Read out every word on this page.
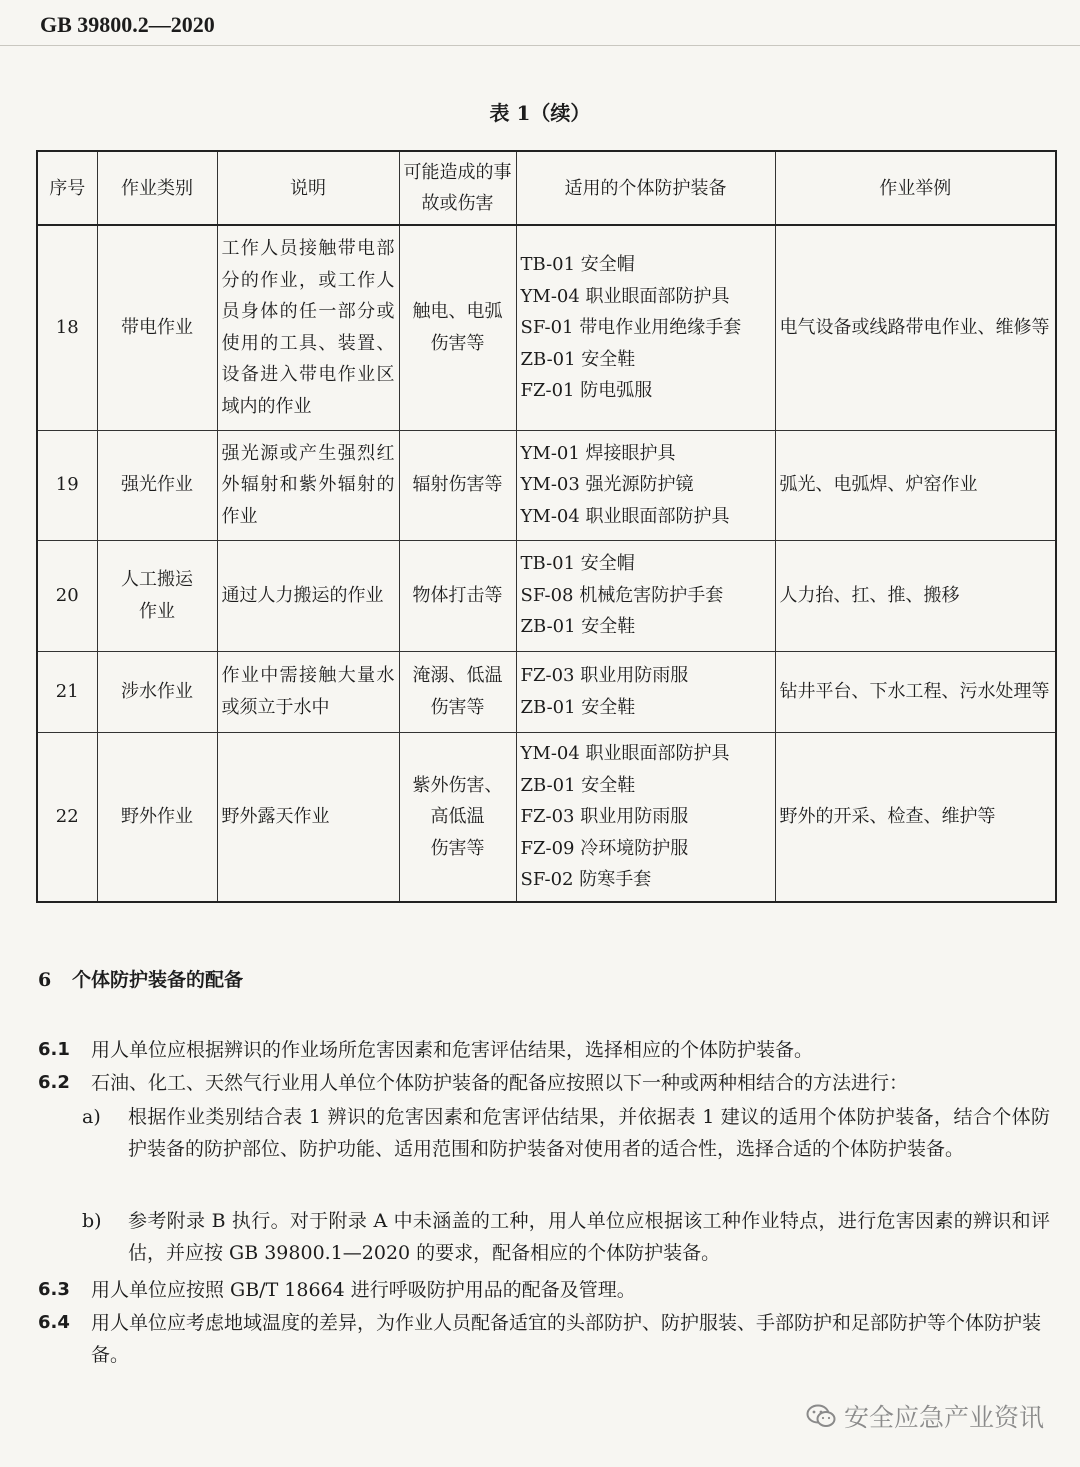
GB 39800.2—2020
表 1（续）
序号	作业类别	说明	可能造成的事故或伤害	适用的个体防护装备	作业举例
18	带电作业	工作人员接触带电部分的作业，或工作人员身体的任一部分或使用的工具、装置、设备进入带电作业区域内的作业	触电、电弧
伤害等	TB-01 安全帽
YM-04 职业眼面部防护具
SF-01 带电作业用绝缘手套
ZB-01 安全鞋
FZ-01 防电弧服	电气设备或线路带电作业、维修等
19	强光作业	强光源或产生强烈红外辐射和紫外辐射的作业	辐射伤害等	YM-01 焊接眼护具
YM-03 强光源防护镜
YM-04 职业眼面部防护具	弧光、电弧焊、炉窑作业
20	人工搬运
作业	通过人力搬运的作业	物体打击等	TB-01 安全帽
SF-08 机械危害防护手套
ZB-01 安全鞋	人力抬、扛、推、搬移
21	涉水作业	作业中需接触大量水或须立于水中	淹溺、低温
伤害等	FZ-03 职业用防雨服
ZB-01 安全鞋	钻井平台、下水工程、污水处理等
22	野外作业	野外露天作业	紫外伤害、
高低温
伤害等	YM-04 职业眼面部防护具
ZB-01 安全鞋
FZ-03 职业用防雨服
FZ-09 冷环境防护服
SF-02 防寒手套	野外的开采、检查、维护等
6 个体防护装备的配备
6.1	用人单位应根据辨识的作业场所危害因素和危害评估结果，选择相应的个体防护装备。
6.2	石油、化工、天然气行业用人单位个体防护装备的配备应按照以下一种或两种相结合的方法进行：
a)	根据作业类别结合表 1 辨识的危害因素和危害评估结果，并依据表 1 建议的适用个体防护装备，结合个体防护装备的防护部位、防护功能、适用范围和防护装备对使用者的适合性，选择合适的个体防护装备。
b)	参考附录 B 执行。对于附录 A 中未涵盖的工种，用人单位应根据该工种作业特点，进行危害因素的辨识和评估，并应按 GB 39800.1—2020 的要求，配备相应的个体防护装备。
6.3	用人单位应按照 GB/T 18664 进行呼吸防护用品的配备及管理。
6.4	用人单位应考虑地域温度的差异，为作业人员配备适宜的头部防护、防护服装、手部防护和足部防护等个体防护装备。
安全应急产业资讯
